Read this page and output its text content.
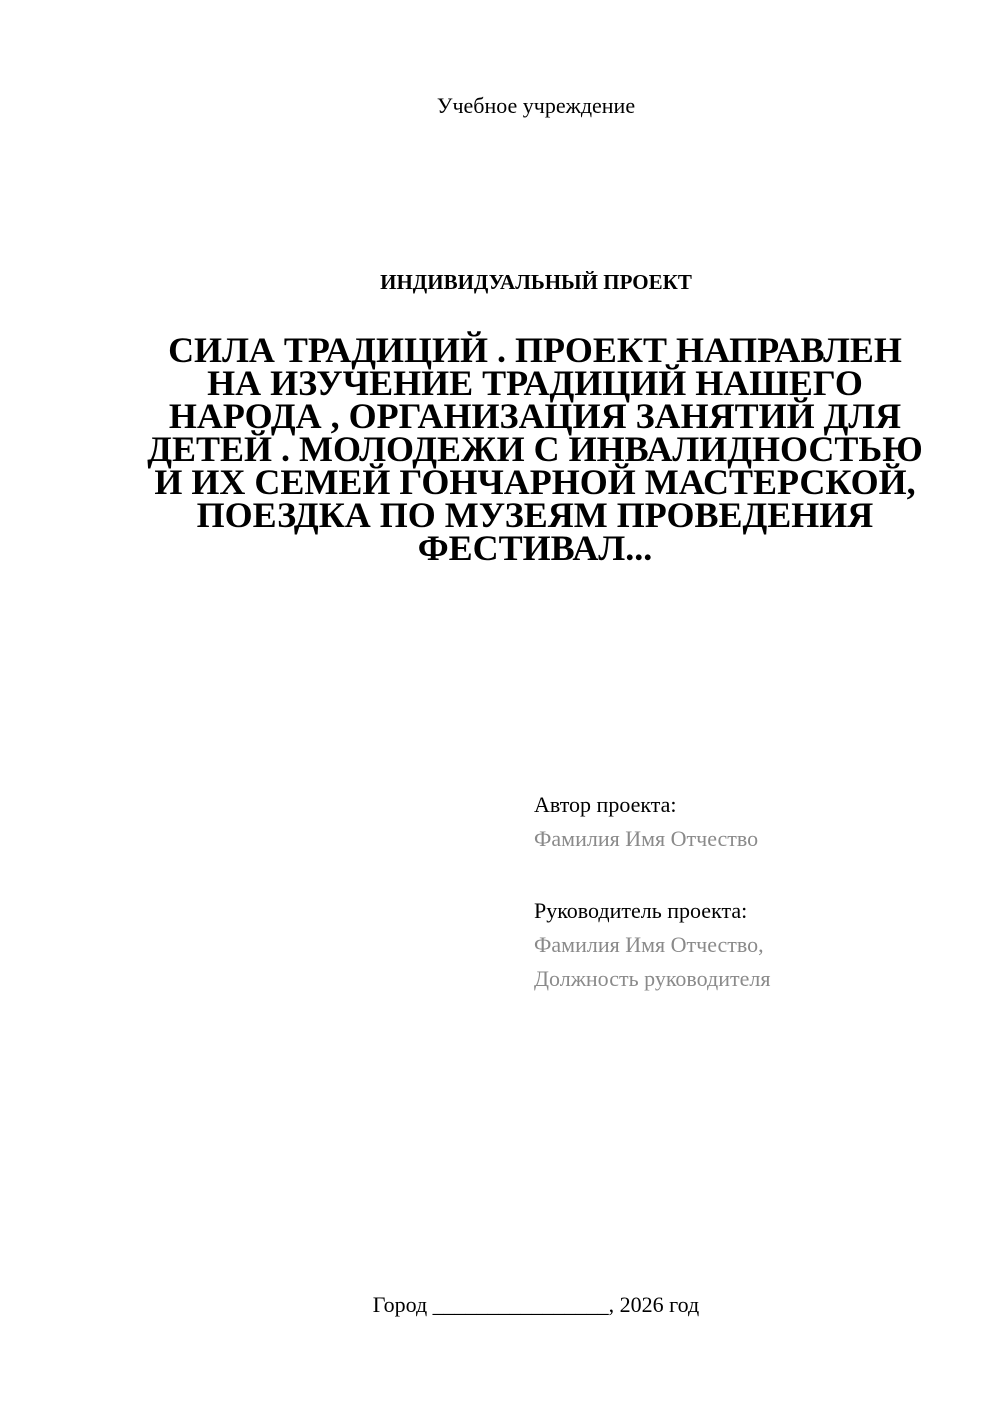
Учебное учреждение
ИНДИВИДУАЛЬНЫЙ ПРОЕКТ
СИЛА ТРАДИЦИЙ . ПРОЕКТ НАПРАВЛЕН НА ИЗУЧЕНИЕ ТРАДИЦИЙ НАШЕГО НАРОДА , ОРГАНИЗАЦИЯ ЗАНЯТИЙ ДЛЯ ДЕТЕЙ . МОЛОДЕЖИ С ИНВАЛИДНОСТЬЮ И ИХ СЕМЕЙ ГОНЧАРНОЙ МАСТЕРСКОЙ, ПОЕЗДКА ПО МУЗЕЯМ ПРОВЕДЕНИЯ ФЕСТИВАЛ...
Автор проекта:
Фамилия Имя Отчество
Руководитель проекта:
Фамилия Имя Отчество,
Должность руководителя
Город ________________, 2026 год
